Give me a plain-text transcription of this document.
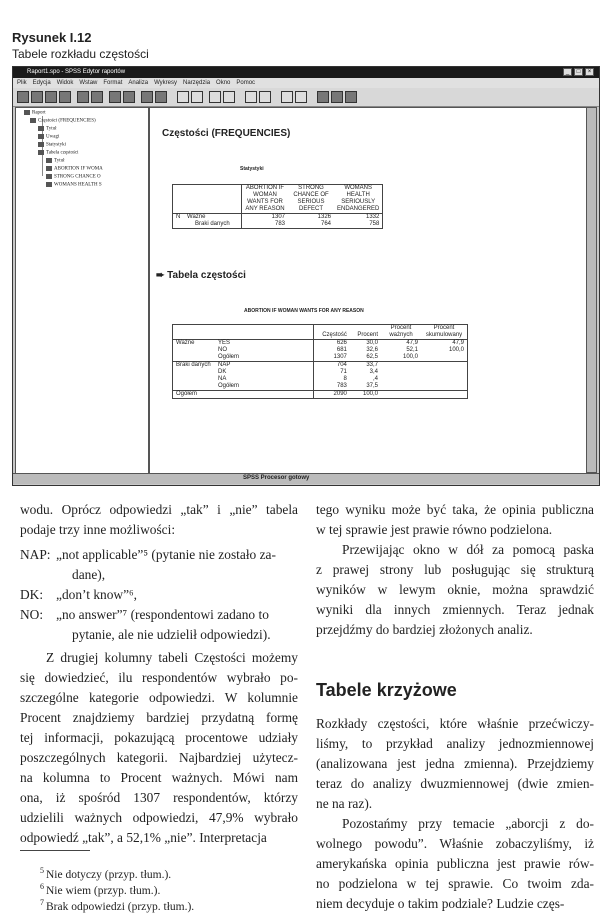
Rysunek I.12
Tabele rozkładu częstości
Raport1.spo - SPSS Edytor raportów	_	□	×
Plik Edycja Widok Wstaw Format Analiza Wykresy Narzędzia Okno Pomoc
Raport
Częstości (FREQUENCIES)
Tytuł
Uwagi
Statystyki
Tabela częstości
Tytuł
ABORTION IF WOMA
STRONG CHANCE O
WOMANS HEALTH S
Częstości (FREQUENCIES)
Statystyki
	ABORTION IF WOMAN WANTS FOR ANY REASON	STRONG CHANCE OF SERIOUS DEFECT	WOMANS HEALTH SERIOUSLY ENDANGERED
N Ważne	1307	1326	1332
Braki danych	783	764	758
➨ Tabela częstości
ABORTION IF WOMAN WANTS FOR ANY REASON
		Częstość	Procent	Procent ważnych	Procent skumulowany
Ważne	YES	626	30,0	47,9	47,9
	NO	681	32,6	52,1	100,0
	Ogółem	1307	62,5	100,0	
Braki danych	NAP	704	33,7		
	DK	71	3,4		
	NA	8	,4		
	Ogółem	783	37,5		
Ogółem		2090	100,0		
SPSS Procesor gotowy
wodu. Oprócz odpowiedzi „tak” i „nie” tabela podaje trzy inne możliwości:
NAP: „not applicable”⁵ (pytanie nie zostało za-
dane),
DK: „don’t know”⁶,
NO: „no answer”⁷ (respondentowi zadano to
pytanie, ale nie udzielił odpowiedzi).
Z drugiej kolumny tabeli Częstości możemy
się dowiedzieć, ilu respondentów wybrało po-
szczególne kategorie odpowiedzi. W kolumnie
Procent znajdziemy bardziej przydatną formę
tej informacji, pokazującą procentowe udziały
poszczególnych kategorii. Najbardziej użytecz-
na kolumna to Procent ważnych. Mówi nam
ona, iż spośród 1307 respondentów, którzy
udzielili ważnych odpowiedzi, 47,9% wybrało
odpowiedź „tak”, a 52,1% „nie”. Interpretacja
$^5$ Nie dotyczy (przyp. tłum.).
$^6$ Nie wiem (przyp. tłum.).
$^7$ Brak odpowiedzi (przyp. tłum.).
tego wyniku może być taka, że opinia publiczna
w tej sprawie jest prawie równo podzielona.
Przewijając okno w dół za pomocą paska
z prawej strony lub posługując się strukturą
wyników w lewym oknie, można sprawdzić
wyniki dla innych zmiennych. Teraz jednak
przejdźmy do bardziej złożonych analiz.
Tabele krzyżowe
Rozkłady częstości, które właśnie przećwiczy-
liśmy, to przykład analizy jednozmiennowej
(analizowana jest jedna zmienna). Przejdziemy
teraz do analizy dwuzmiennowej (dwie zmien-
ne na raz).
Pozostańmy przy temacie „aborcji z do-
wolnego powodu”. Właśnie zobaczyliśmy, iż
amerykańska opinia publiczna jest prawie rów-
no podzielona w tej sprawie. Co twoim zda-
niem decyduje o takim podziale? Ludzie częs-
